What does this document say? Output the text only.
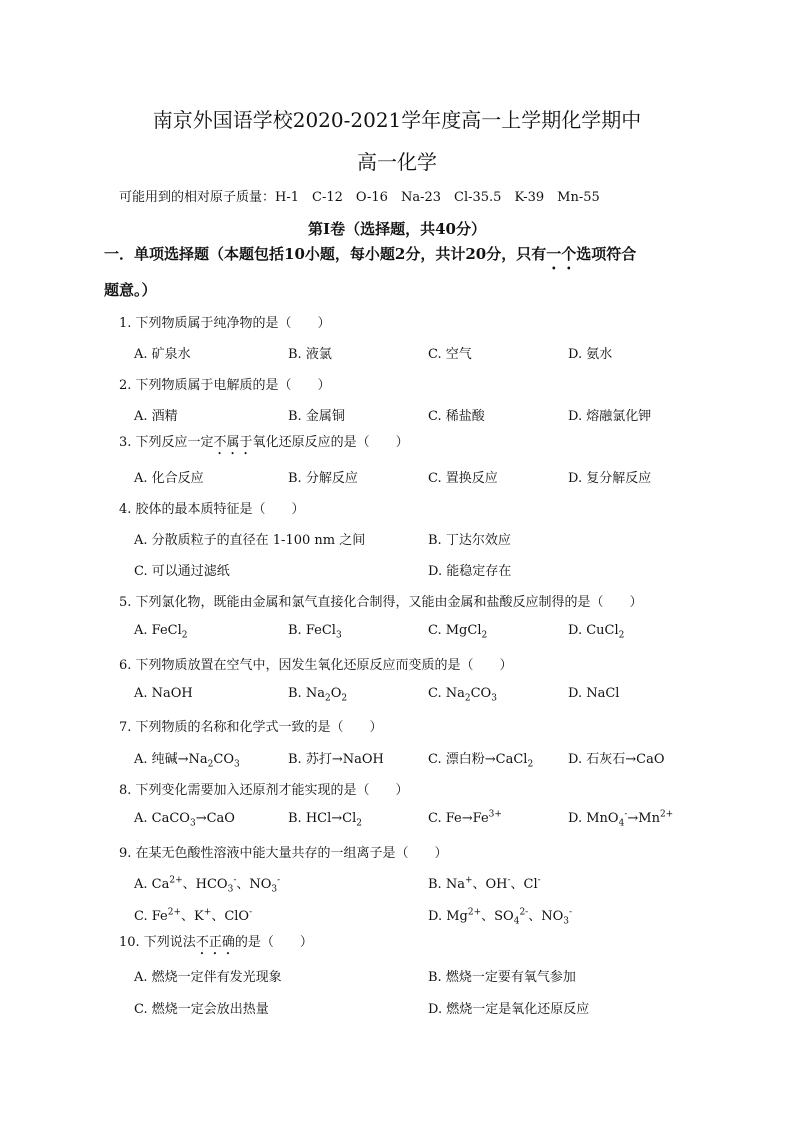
南京外国语学校2020-2021学年度高一上学期化学期中
高一化学
可能用到的相对原子质量：H-1　C-12　O-16　Na-23　Cl-35.5　K-39　Mn-55
第Ⅰ卷（选择题，共40分）
一．单项选择题（本题包括10小题，每小题2分，共计20分，只有一个选项符合
题意。）
1. 下列物质属于纯净物的是（　　）
A. 矿泉水	B. 液氯	C. 空气	D. 氨水
2. 下列物质属于电解质的是（　　）
A. 酒精	B. 金属铜	C. 稀盐酸	D. 熔融氯化钾
3. 下列反应一定不属于氧化还原反应的是（　　）
A. 化合反应	B. 分解反应	C. 置换反应	D. 复分解反应
4. 胶体的最本质特征是（　　）
A. 分散质粒子的直径在 1-100 nm 之间	B. 丁达尔效应
C. 可以通过滤纸	D. 能稳定存在
5. 下列氯化物，既能由金属和氯气直接化合制得，又能由金属和盐酸反应制得的是（　　）
A. FeCl$_2$	B. FeCl$_3$	C. MgCl$_2$	D. CuCl$_2$
6. 下列物质放置在空气中，因发生氧化还原反应而变质的是（　　）
A. NaOH	B. $Na_2O_2$	C. $Na_2CO_3$	D. NaCl
7. 下列物质的名称和化学式一致的是（　　）
A. 纯碱$\to Na_2CO_3$	B. 苏打→NaOH	C. 漂白粉→CaCl$_2$	D. 石灰石→CaO
8. 下列变化需要加入还原剂才能实现的是（　　）
A. CaCO$_3$→CaO	B. $HCl\to Cl_2$	C. $Fe\to Fe^{3+}$	D. $MnO_4^-\to Mn^{2+}$
9. 在某无色酸性溶液中能大量共存的一组离子是（　　）
A. $Ca^{2+}$、$HCO_3^-$、$NO_3^-$	B. Na+、OH-、Cl-
C. $Fe^{2+}$、K+、ClO-	D. $Mg^{2+}$、$SO_4^{2-}$、$NO_3^-$
10. 下列说法不正确的是（　　）
A. 燃烧一定伴有发光现象	B. 燃烧一定要有氧气参加
C. 燃烧一定会放出热量	D. 燃烧一定是氧化还原反应
